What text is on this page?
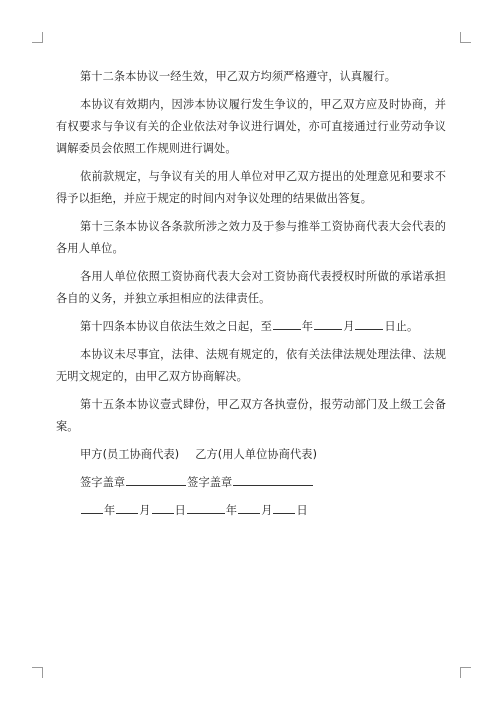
第十二条本协议一经生效，甲乙双方均须严格遵守，认真履行。

本协议有效期内，因涉本协议履行发生争议的，甲乙双方应及时协商，并有权要求与争议有关的企业依法对争议进行调处，亦可直接通过行业劳动争议调解委员会依照工作规则进行调处。

依前款规定，与争议有关的用人单位对甲乙双方提出的处理意见和要求不得予以拒绝，并应于规定的时间内对争议处理的结果做出答复。

第十三条本协议各条款所涉之效力及于参与推举工资协商代表大会代表的各用人单位。

各用人单位依照工资协商代表大会对工资协商代表授权时所做的承诺承担各自的义务，并独立承担相应的法律责任。

第十四条本协议自依法生效之日起，至	年	月	日止。

本协议未尽事宜，法律、法规有规定的，依有关法律法规处理法律、法规无明文规定的，由甲乙双方协商解决。

第十五条本协议壹式肆份，甲乙双方各执壹份，报劳动部门及上级工会备案。

甲方(员工协商代表) 乙方(用人单位协商代表)

签字盖章	签字盖章

年 月 日	年 月 日
